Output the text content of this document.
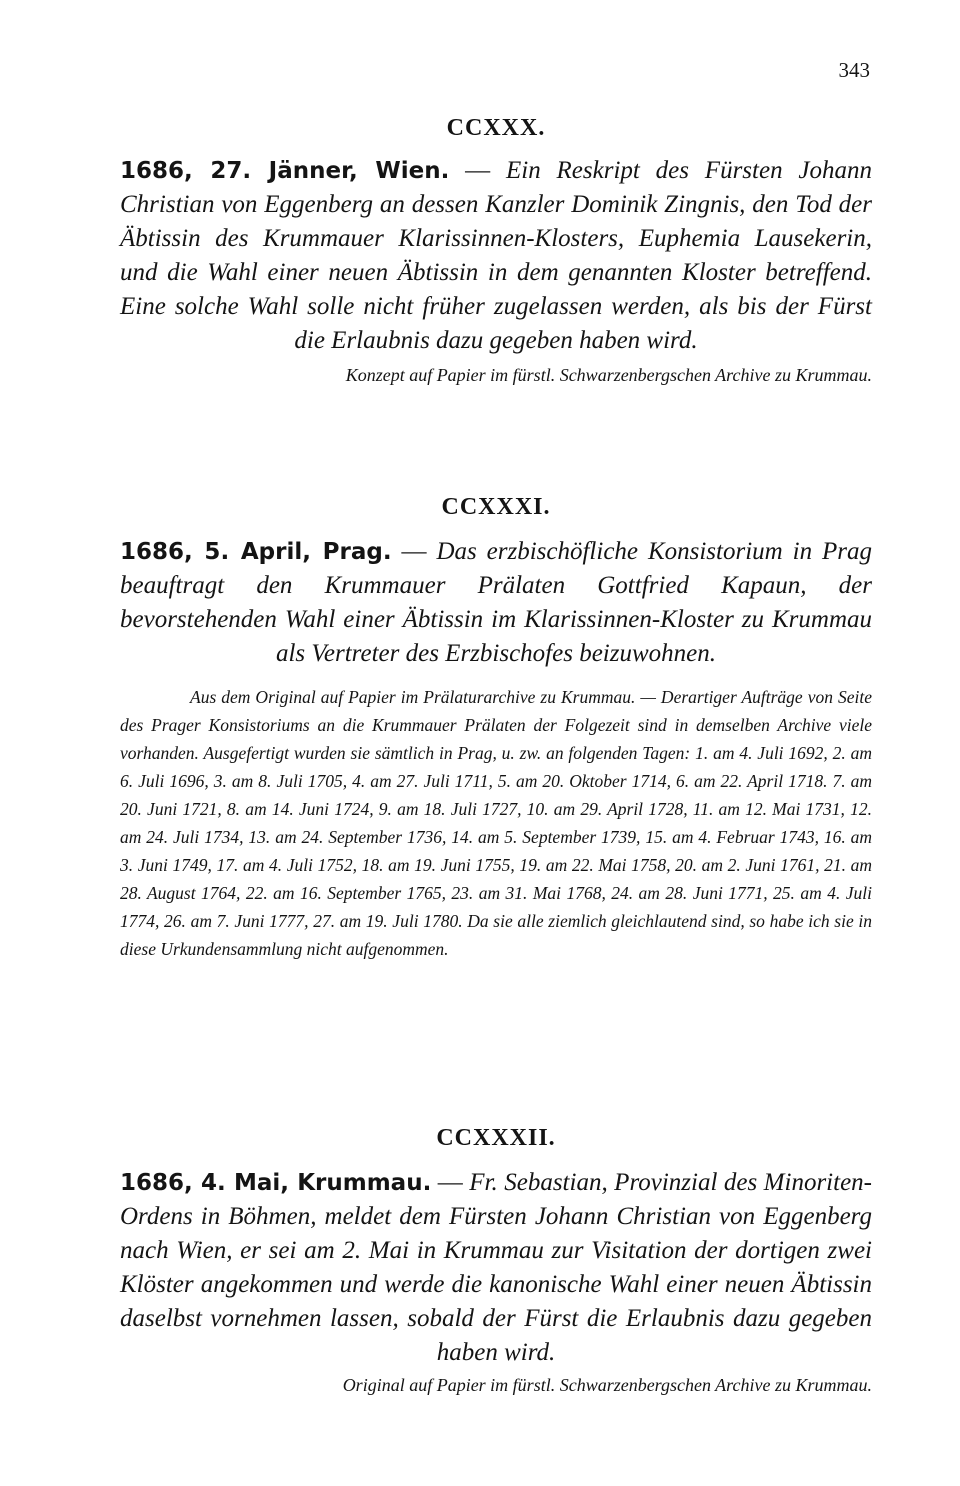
343
CCXXX.

1686, 27. Jänner, Wien. — Ein Reskript des Fürsten Johann Christian von Eggenberg an dessen Kanzler Dominik Zingnis, den Tod der Äbtissin des Krummauer Klarissinnen-Klosters, Euphemia Lausekerin, und die Wahl einer neuen Äbtissin in dem genannten Kloster betreffend. Eine solche Wahl solle nicht früher zugelassen werden, als bis der Fürst die Erlaubnis dazu gegeben haben wird.

Konzept auf Papier im fürstl. Schwarzenbergschen Archive zu Krummau.

CCXXXI.

1686, 5. April, Prag. — Das erzbischöfliche Konsistorium in Prag beauftragt den Krummauer Prälaten Gottfried Kapaun, der bevorstehenden Wahl einer Äbtissin im Klarissinnen-Kloster zu Krummau als Vertreter des Erzbischofes beizuwohnen.

Aus dem Original auf Papier im Prälaturarchive zu Krummau. — Derartiger Aufträge von Seite des Prager Konsistoriums an die Krummauer Prälaten der Folgezeit sind in demselben Archive viele vorhanden. Ausgefertigt wurden sie sämtlich in Prag, u. zw. an folgenden Tagen: 1. am 4. Juli 1692, 2. am 6. Juli 1696, 3. am 8. Juli 1705, 4. am 27. Juli 1711, 5. am 20. Oktober 1714, 6. am 22. April 1718. 7. am 20. Juni 1721, 8. am 14. Juni 1724, 9. am 18. Juli 1727, 10. am 29. April 1728, 11. am 12. Mai 1731, 12. am 24. Juli 1734, 13. am 24. September 1736, 14. am 5. September 1739, 15. am 4. Februar 1743, 16. am 3. Juni 1749, 17. am 4. Juli 1752, 18. am 19. Juni 1755, 19. am 22. Mai 1758, 20. am 2. Juni 1761, 21. am 28. August 1764, 22. am 16. September 1765, 23. am 31. Mai 1768, 24. am 28. Juni 1771, 25. am 4. Juli 1774, 26. am 7. Juni 1777, 27. am 19. Juli 1780. Da sie alle ziemlich gleichlautend sind, so habe ich sie in diese Urkundensammlung nicht aufgenommen.

CCXXXII.

1686, 4. Mai, Krummau. — Fr. Sebastian, Provinzial des Minoriten-Ordens in Böhmen, meldet dem Fürsten Johann Christian von Eggenberg nach Wien, er sei am 2. Mai in Krummau zur Visitation der dortigen zwei Klöster angekommen und werde die kanonische Wahl einer neuen Äbtissin daselbst vornehmen lassen, sobald der Fürst die Erlaubnis dazu gegeben haben wird.

Original auf Papier im fürstl. Schwarzenbergschen Archive zu Krummau.
